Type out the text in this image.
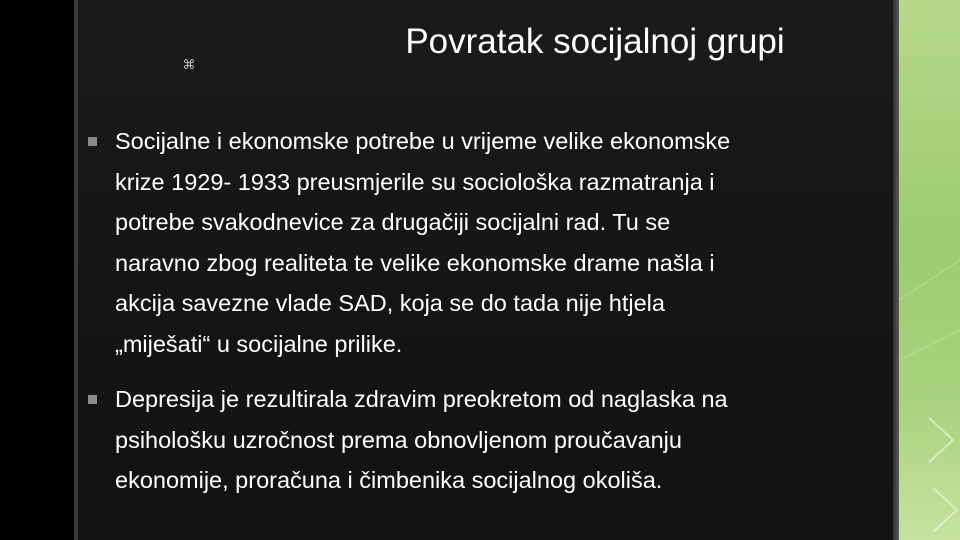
⌘
Povratak socijalnoj grupi
Socijalne i ekonomske potrebe u vrijeme velike ekonomske
krize 1929- 1933 preusmjerile su sociološka razmatranja i
potrebe svakodnevice za drugačiji socijalni rad. Tu se
naravno zbog realiteta te velike ekonomske drame našla i
akcija savezne vlade SAD, koja se do tada nije htjela
„miješati“ u socijalne prilike.
Depresija je rezultirala zdravim preokretom od naglaska na
psihološku uzročnost prema obnovljenom proučavanju
ekonomije, proračuna i čimbenika socijalnog okoliša.
